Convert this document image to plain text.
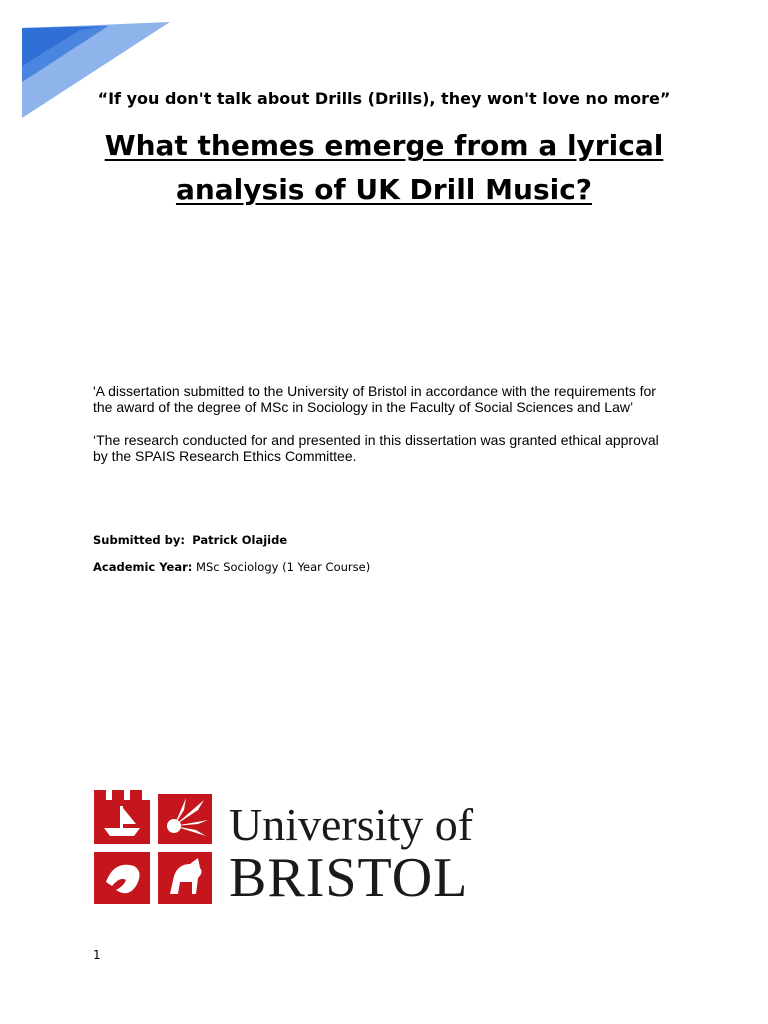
“If you don't talk about Drills (Drills), they won't love no more”
What themes emerge from a lyrical
analysis of UK Drill Music?

'A dissertation submitted to the University of Bristol in accordance with the requirements for
the award of the degree of MSc in Sociology in the Faculty of Social Sciences and Law’

‘The research conducted for and presented in this dissertation was granted ethical approval
by the SPAIS Research Ethics Committee.

Submitted by: Patrick Olajide

Academic Year: MSc Sociology (1 Year Course)

University of
BRISTOL
1
